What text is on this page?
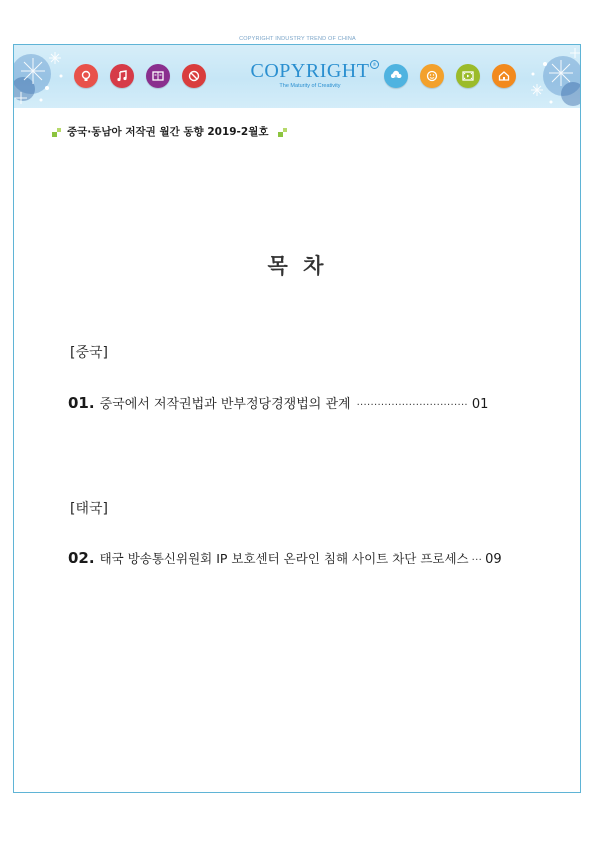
COPYRIGHT INDUSTRY TREND OF CHINA
COPYRIGHT ®
The Maturity of Creativity
중국·동남아 저작권 월간 동향 2019-2월호
목 차
[중국]
01. 중국에서 저작권법과 반부정당경쟁법의 관계 ································ 01
[태국]
02. 태국 방송통신위원회 IP 보호센터 온라인 침해 사이트 차단 프로세스 ··· 09
